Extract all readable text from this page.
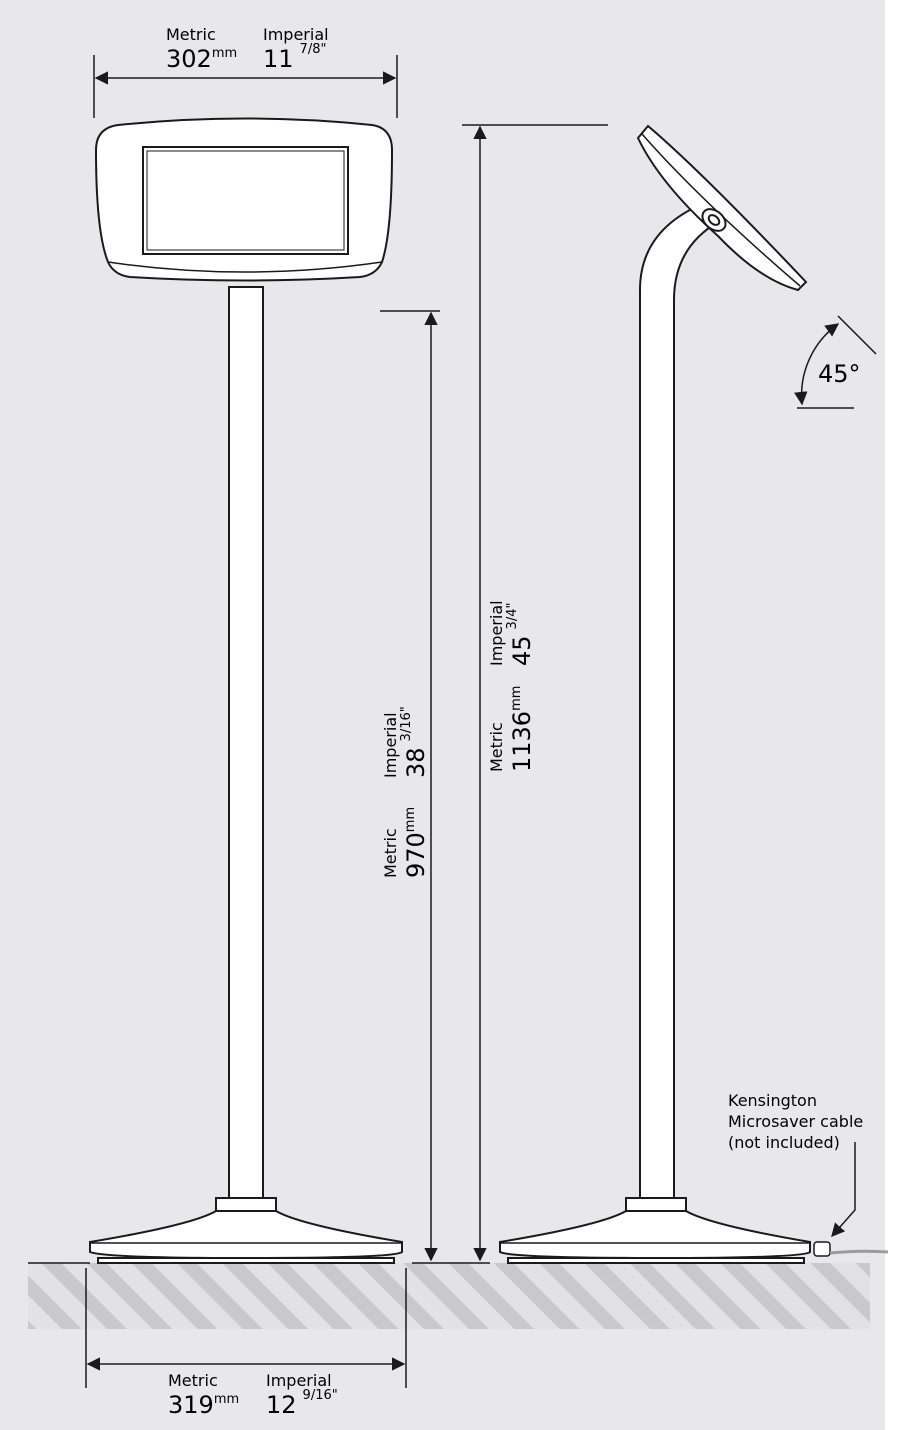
Metric
$302^{mm}$
Imperial
11 $^{7/8"}$
Metric $970^{mm}$
Imperial $38^{3/16"}$	Metric $1136^{mm}$
Imperial $45^{3/4"}$
45°
Kensington
Microsaver cable
(not included)
Metric
$319^{mm}$
Imperial
12 $^{9/16"}$
